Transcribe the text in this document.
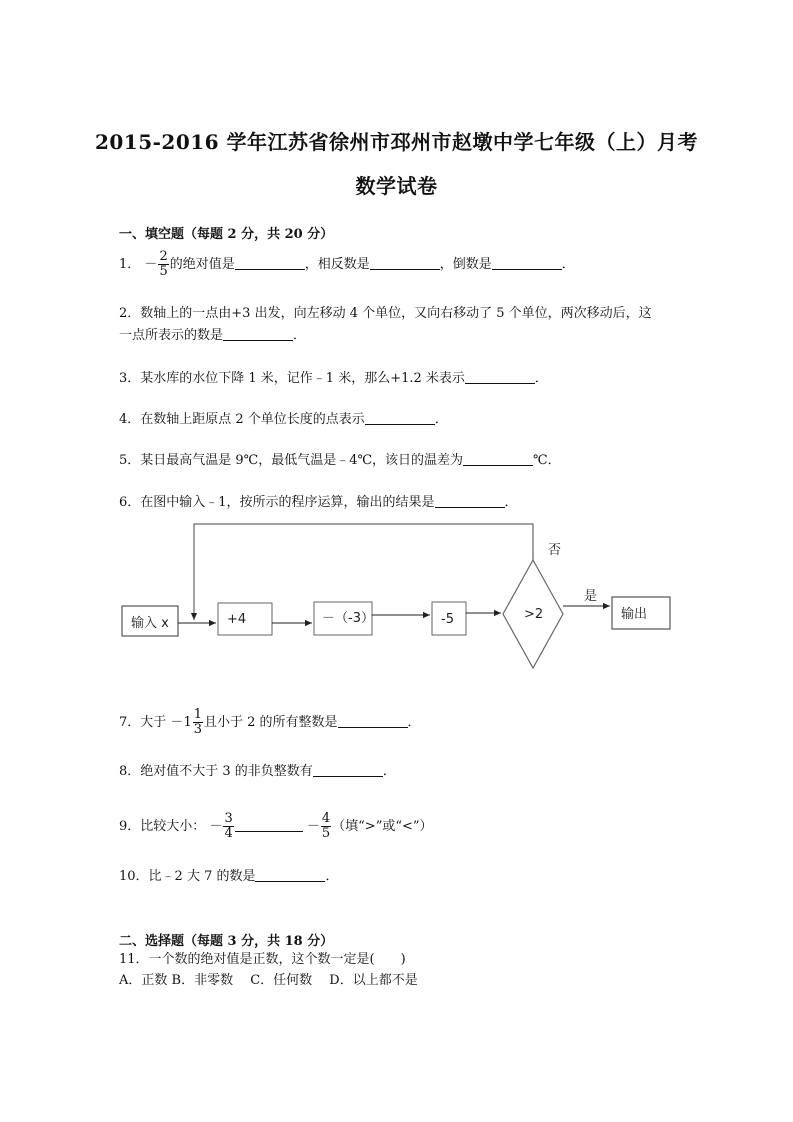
2015-2016 学年江苏省徐州市邳州市赵墩中学七年级（上）月考
数学试卷
一、填空题（每题 2 分，共 20 分）
1． － $\frac{2}{5}$ 的绝对值是	，相反数是	，倒数是	．
2．数轴上的一点由+3 出发，向左移动 4 个单位，又向右移动了 5 个单位，两次移动后，这
一点所表示的数是	．
3．某水库的水位下降 1 米，记作﹣1 米，那么+1.2 米表示	．
4．在数轴上距原点 2 个单位长度的点表示	．
5．某日最高气温是 9℃，最低气温是﹣4℃，该日的温差为	℃．
6．在图中输入﹣1，按所示的程序运算，输出的结果是	．
输入 x	+4	－（-3）	-5	>2	输出
否
是
7．大于 $-1 \frac{1}{3}$ 且小于 2 的所有整数是	．
8．绝对值不大于 3 的非负整数有	．
9．比较大小： － $\frac{3}{4}$	－ $\frac{4}{5}$ （填“>”或“<”）
10．比﹣2 大 7 的数是	．
二、选择题（每题 3 分，共 18 分）
11．一个数的绝对值是正数，这个数一定是(　　)
A．正数 B．非零数　 C．任何数　 D．以上都不是
